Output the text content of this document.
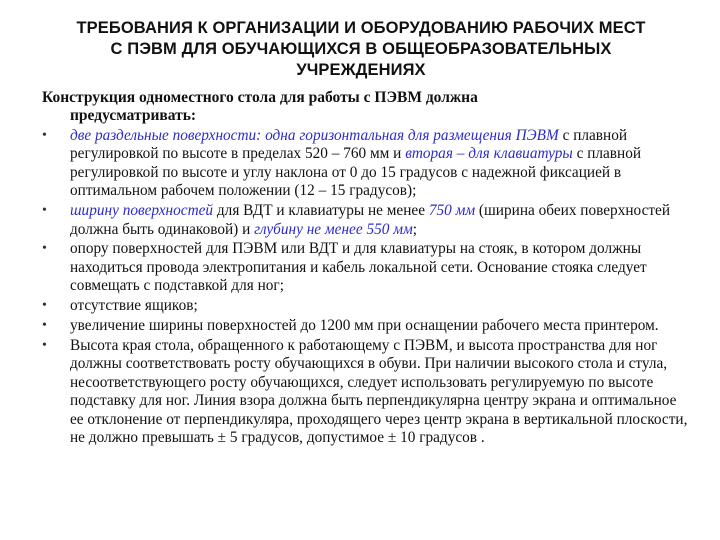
ТРЕБОВАНИЯ К ОРГАНИЗАЦИИ И ОБОРУДОВАНИЮ РАБОЧИХ МЕСТ
С ПЭВМ ДЛЯ ОБУЧАЮЩИХСЯ В ОБЩЕОБРАЗОВАТЕЛЬНЫХ
УЧРЕЖДЕНИЯХ
Конструкция одноместного стола для работы с ПЭВМ должна
предусматривать:
•	две раздельные поверхности: одна горизонтальная для размещения ПЭВМ с плавной регулировкой по высоте в пределах 520 – 760 мм и вторая – для клавиатуры с плавной регулировкой по высоте и углу наклона от 0 до 15 градусов с надежной фиксацией в оптимальном рабочем положении (12 – 15 градусов);
•	ширину поверхностей для ВДТ и клавиатуры не менее 750 мм (ширина обеих поверхностей должна быть одинаковой) и глубину не менее 550 мм;
•	опору поверхностей для ПЭВМ или ВДТ и для клавиатуры на стояк, в котором должны находиться провода электропитания и кабель локальной сети. Основание стояка следует совмещать с подставкой для ног;
•	отсутствие ящиков;
•	увеличение ширины поверхностей до 1200 мм при оснащении рабочего места принтером.
•	Высота края стола, обращенного к работающему с ПЭВМ, и высота пространства для ног должны соответствовать росту обучающихся в обуви. При наличии высокого стола и стула, несоответствующего росту обучающихся, следует использовать регулируемую по высоте подставку для ног. Линия взора должна быть перпендикулярна центру экрана и оптимальное ее отклонение от перпендикуляра, проходящего через центр экрана в вертикальной плоскости, не должно превышать ± 5 градусов, допустимое ± 10 градусов .
